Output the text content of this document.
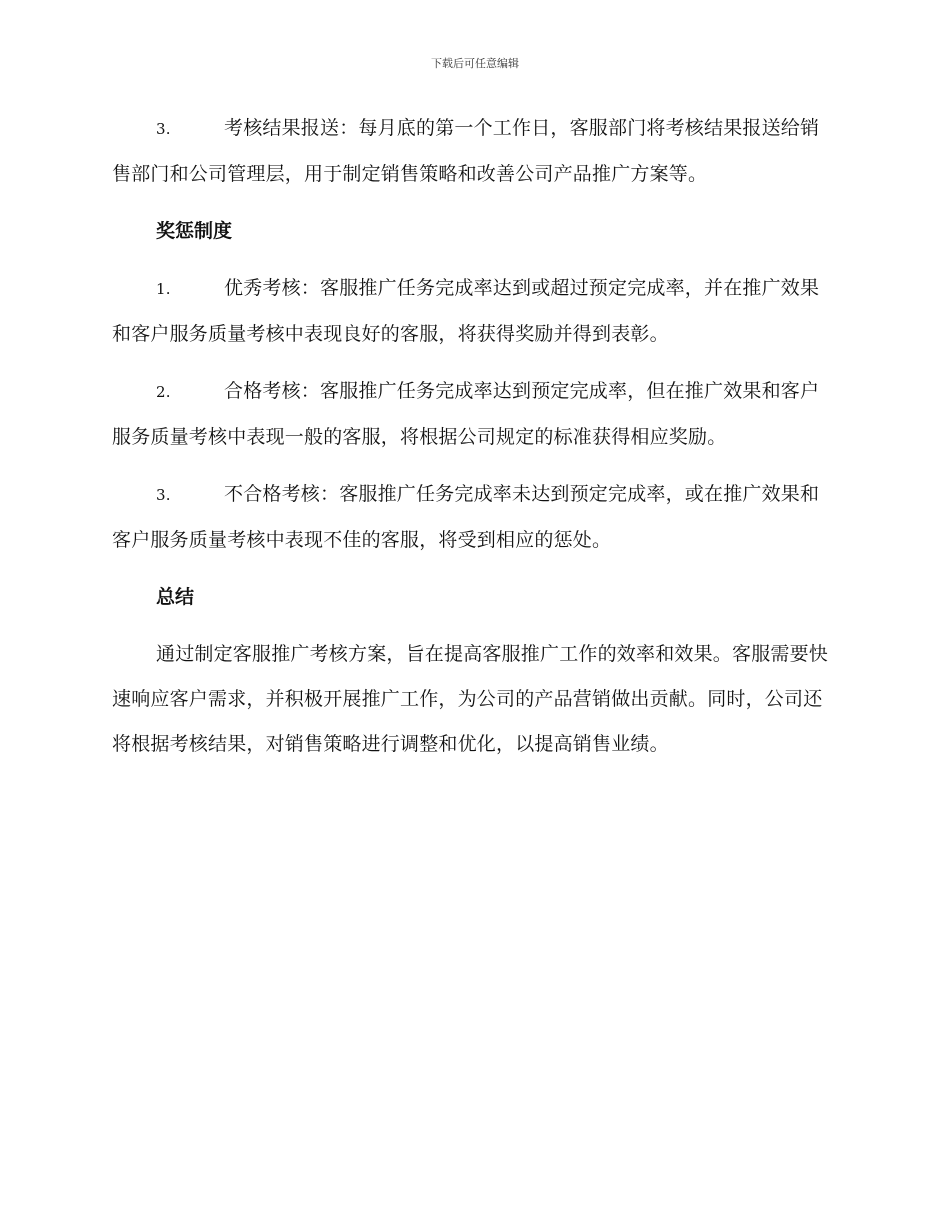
下载后可任意编辑

3.	考核结果报送：每月底的第一个工作日，客服部门将考核结果报送给销售部门和公司管理层，用于制定销售策略和改善公司产品推广方案等。

奖惩制度

1.	优秀考核：客服推广任务完成率达到或超过预定完成率，并在推广效果和客户服务质量考核中表现良好的客服，将获得奖励并得到表彰。

2.	合格考核：客服推广任务完成率达到预定完成率，但在推广效果和客户服务质量考核中表现一般的客服，将根据公司规定的标准获得相应奖励。

3.	不合格考核：客服推广任务完成率未达到预定完成率，或在推广效果和客户服务质量考核中表现不佳的客服，将受到相应的惩处。

总结

通过制定客服推广考核方案，旨在提高客服推广工作的效率和效果。客服需要快速响应客户需求，并积极开展推广工作，为公司的产品营销做出贡献。同时，公司还将根据考核结果，对销售策略进行调整和优化，以提高销售业绩。
